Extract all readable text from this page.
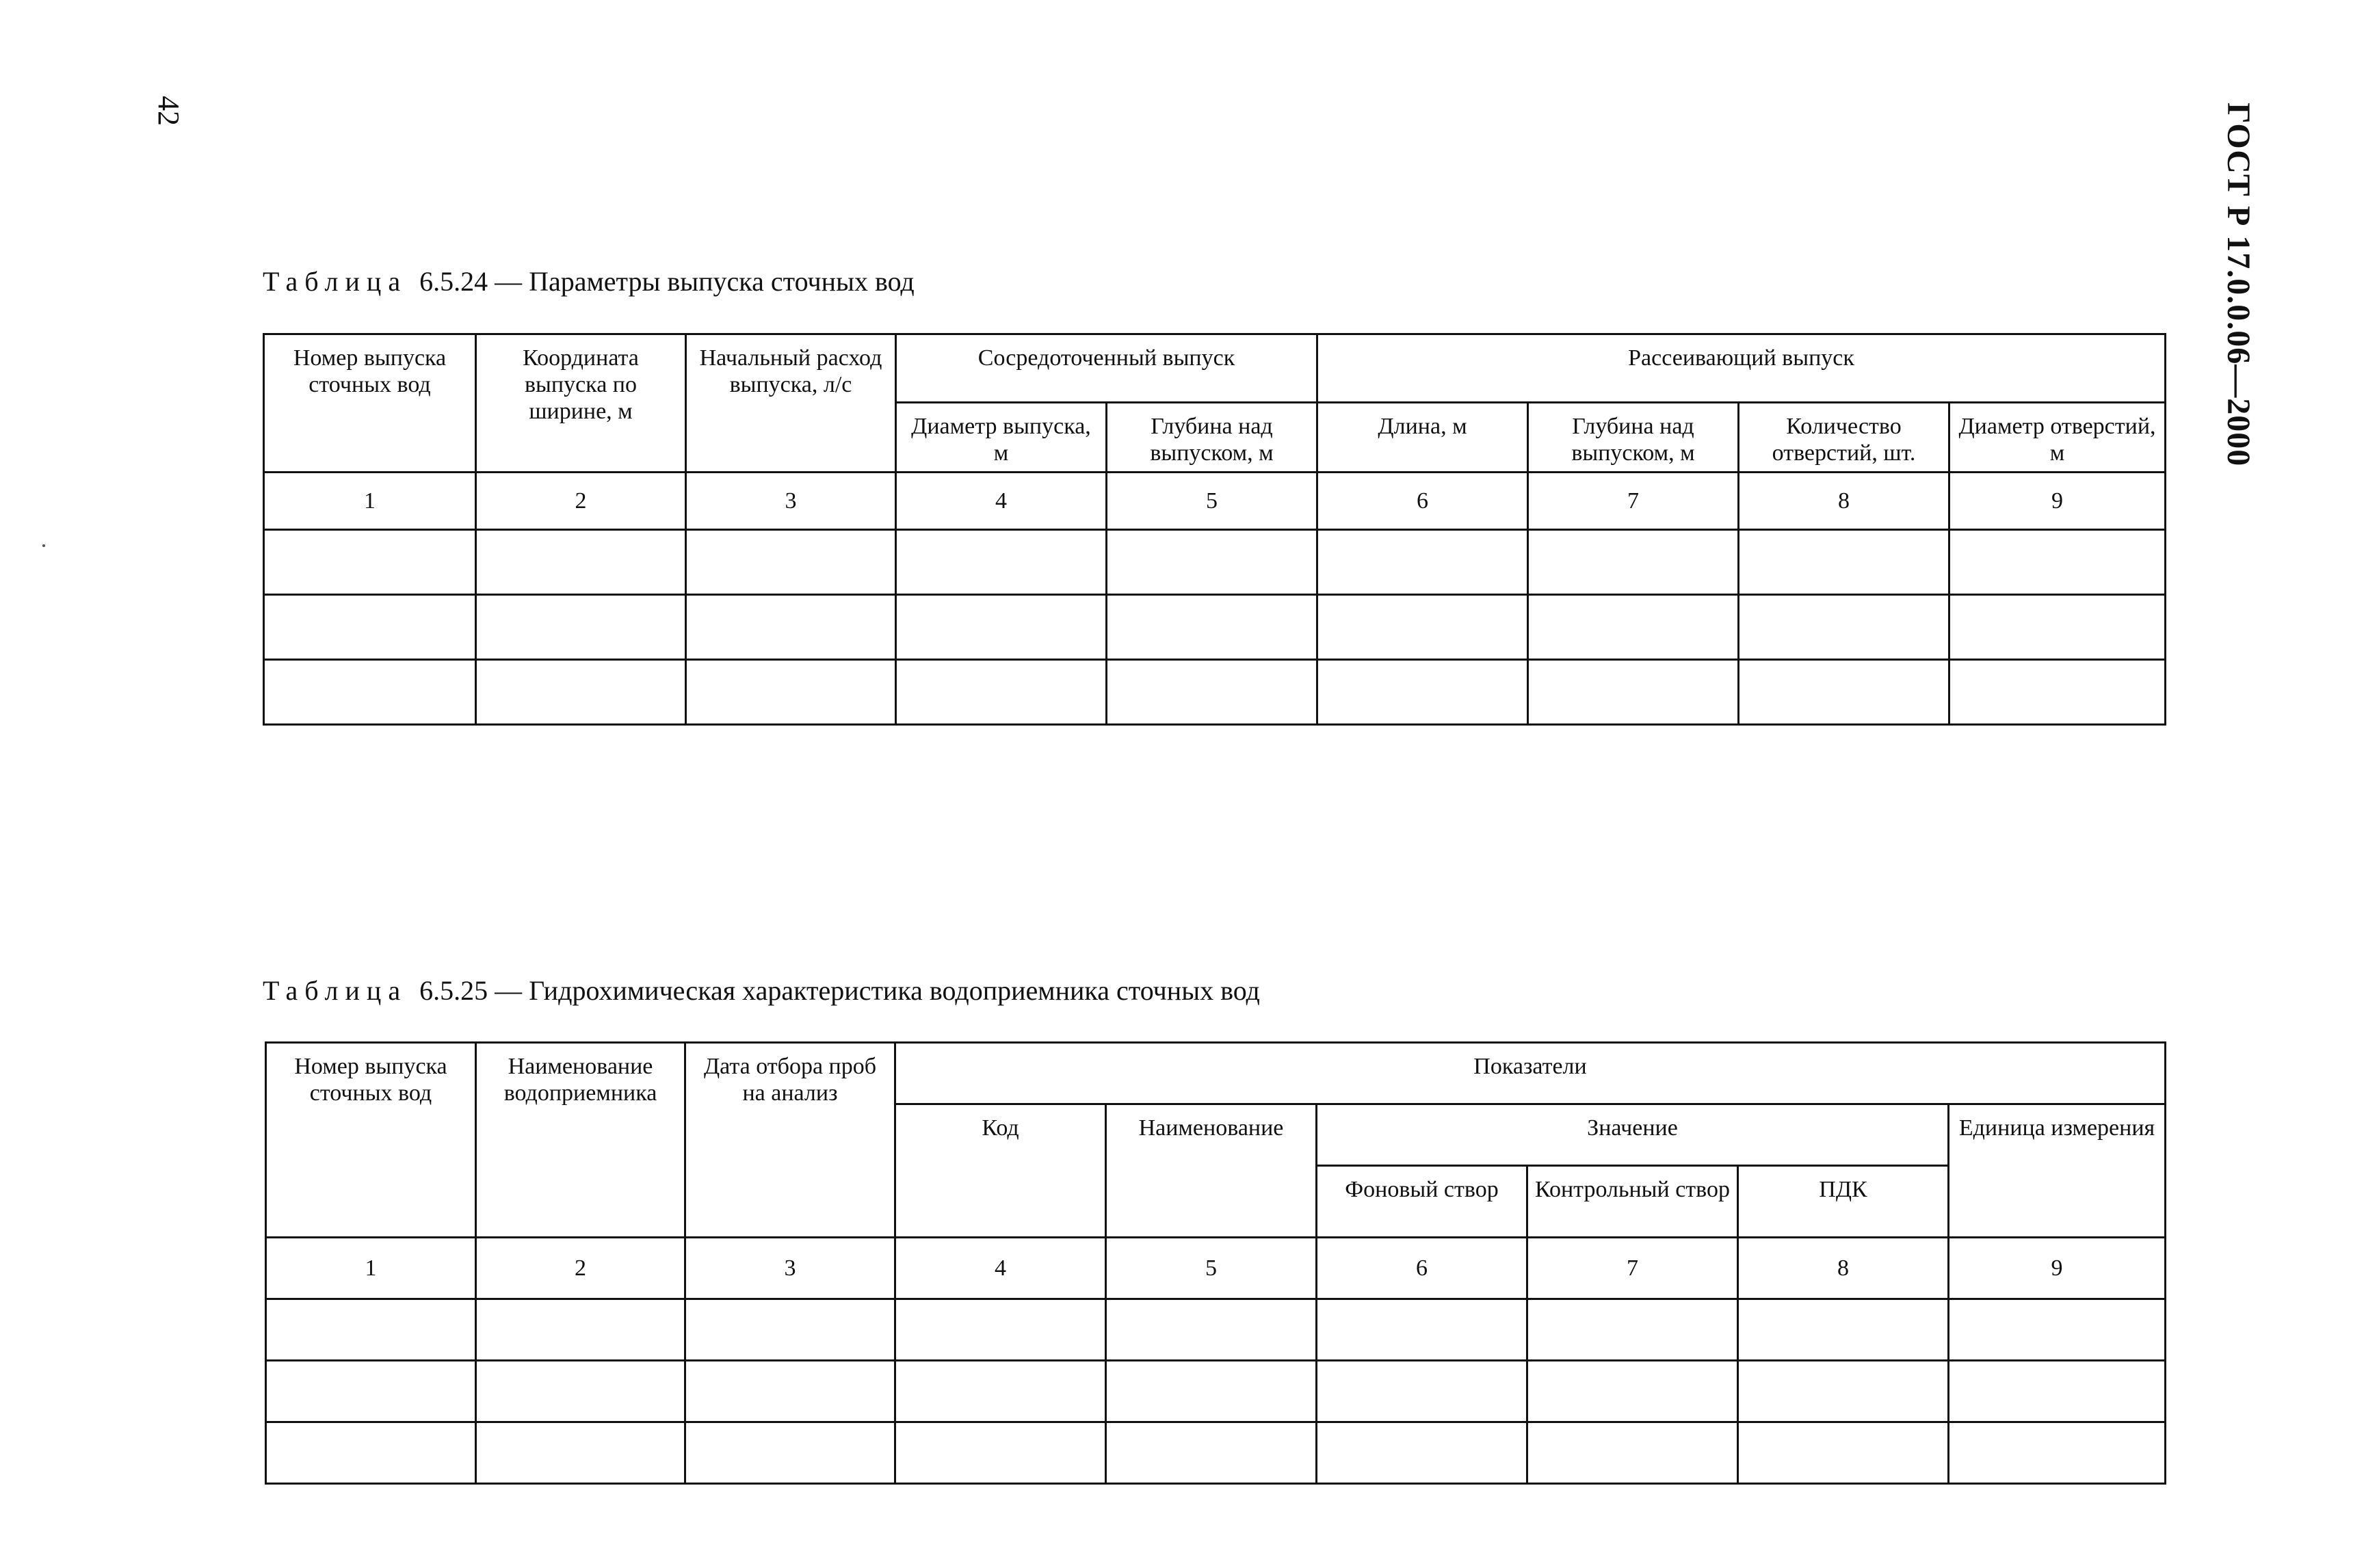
42	ГОСТ Р 17.0.0.06—2000
Таблица 6.5.24 — Параметры выпуска сточных вод
Номер выпуска сточных вод	Координата выпуска по ширине, м	Начальный расход выпуска, л/с	Сосредоточенный выпуск		Рассеивающий выпуск			
			Диаметр выпуска, м	Глубина над выпуском, м	Длина, м	Глубина над выпуском, м	Количество отверстий, шт.	Диаметр отверстий, м
1	2	3	4	5	6	7	8	9

Таблица 6.5.25 — Гидрохимическая характеристика водоприемника сточных вод
Номер выпуска сточных вод	Наименование водоприемника	Дата отбора проб на анализ	Показатели					
			Код	Наименование	Значение			Единица измерения
					Фоновый створ	Контрольный створ	ПДК	
1	2	3	4	5	6	7	8	9
